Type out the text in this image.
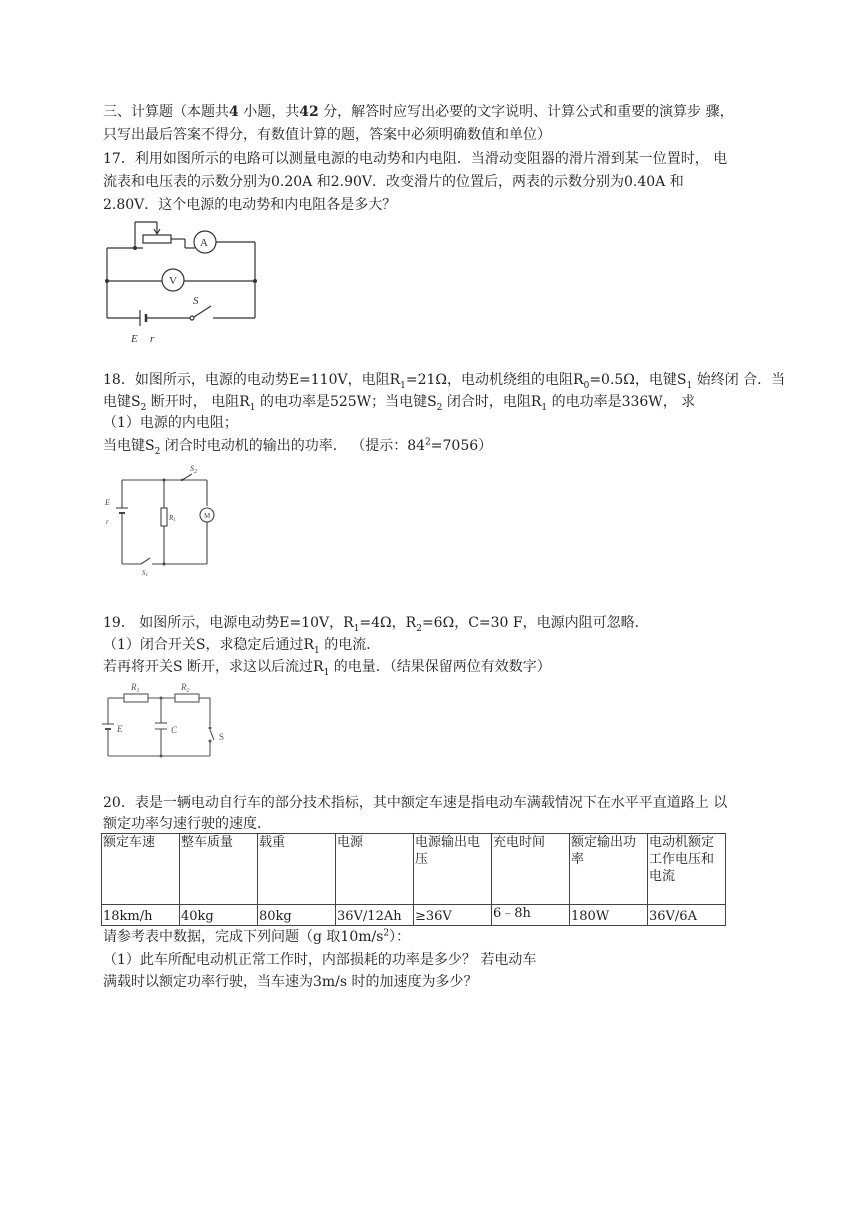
三、计算题（本题共4 小题，共42 分，解答时应写出必要的文字说明、计算公式和重要的演算步 骤，
只写出最后答案不得分，有数值计算的题，答案中必须明确数值和单位）
17．利用如图所示的电路可以测量电源的电动势和内电阻．当滑动变阻器的滑片滑到某一位置时， 电
流表和电压表的示数分别为0.20A 和2.90V．改变滑片的位置后，两表的示数分别为0.40A 和
2.80V．这个电源的电动势和内电阻各是多大？
A
V
S
E r
18．如图所示，电源的电动势E=110V，电阻$R_1=21\Omega$，电动机绕组的电阻$R_0=0.5\Omega$，电键$S_1$ 始终闭 合．当
电键$S_2$ 断开时， 电阻$R_1$ 的电功率是525W；当电键$S_2$ 闭合时，电阻$R_1$ 的电功率是336W， 求
（1）电源的内电阻；
当电键$S_2$ 闭合时电动机的输出的功率． （提示：$84^2=7056$）
$S_2$
E
r	R1
M
S1
19． 如图所示，电源电动势E=10V，$R_1=4\Omega$，$R_2=6\Omega$，C=30 F，电源内阻可忽略．
（1）闭合开关S，求稳定后通过$R_1$ 的电流．
若再将开关S 断开，求这以后流过$R_1$ 的电量．（结果保留两位有效数字）
$R_1$	$R_2$
E	C
S
20．表是一辆电动自行车的部分技术指标，其中额定车速是指电动车满载情况下在水平平直道路上 以
额定功率匀速行驶的速度．
额定车速	整车质量	载重	电源	电源输出电压	充电时间	额定输出功率	电动机额定工作电压和电流
18km/h	40kg	80kg	36V/12Ah	≥36V	6﹣8h	180W	36V/6A
请参考表中数据，完成下列问题（g 取$10m/s^2$）：
（1）此车所配电动机正常工作时，内部损耗的功率是多少？ 若电动车
满载时以额定功率行驶，当车速为3m/s 时的加速度为多少？
